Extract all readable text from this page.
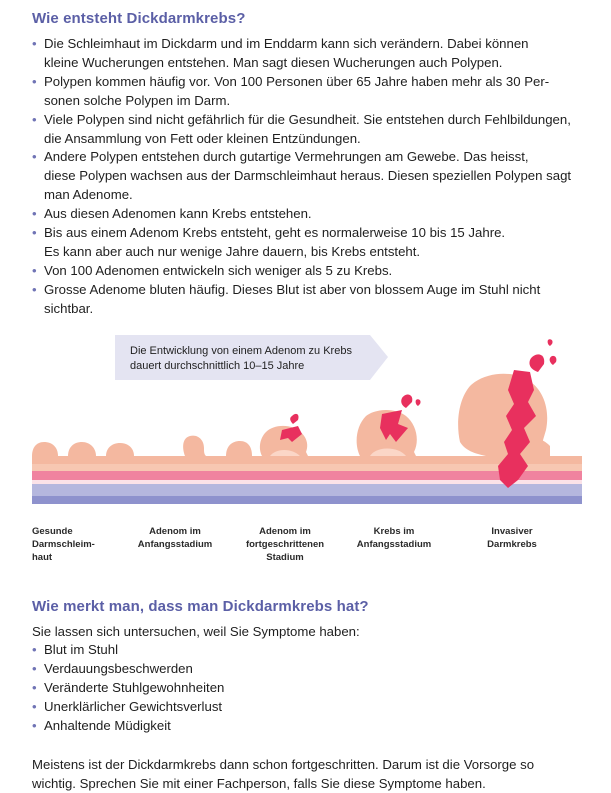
Wie entsteht Dickdarmkrebs?
• Die Schleimhaut im Dickdarm und im Enddarm kann sich verändern. Dabei können
kleine Wucherungen entstehen. Man sagt diesen Wucherungen auch Polypen.
• Polypen kommen häufig vor. Von 100 Personen über 65 Jahre haben mehr als 30 Per-
sonen solche Polypen im Darm.
• Viele Polypen sind nicht gefährlich für die Gesundheit. Sie entstehen durch Fehlbildungen,
die Ansammlung von Fett oder kleinen Entzündungen.
• Andere Polypen entstehen durch gutartige Vermehrungen am Gewebe. Das heisst,
diese Polypen wachsen aus der Darmschleimhaut heraus. Diesen speziellen Polypen sagt
man Adenome.
• Aus diesen Adenomen kann Krebs entstehen.
• Bis aus einem Adenom Krebs entsteht, geht es normalerweise 10 bis 15 Jahre.
Es kann aber auch nur wenige Jahre dauern, bis Krebs entsteht.
• Von 100 Adenomen entwickeln sich weniger als 5 zu Krebs.
• Grosse Adenome bluten häufig. Dieses Blut ist aber von blossem Auge im Stuhl nicht
sichtbar.
Die Entwicklung von einem Adenom zu Krebs
dauert durchschnittlich 10–15 Jahre
Gesunde
Darmschleim-
haut
Adenom im
Anfangsstadium
Adenom im
fortgeschrittenen
Stadium
Krebs im
Anfangsstadium
Invasiver
Darmkrebs
Wie merkt man, dass man Dickdarmkrebs hat?

Sie lassen sich untersuchen, weil Sie Symptome haben:

• Blut im Stuhl
• Verdauungsbeschwerden
• Veränderte Stuhlgewohnheiten
• Unerklärlicher Gewichtsverlust
• Anhaltende Müdigkeit

Meistens ist der Dickdarmkrebs dann schon fortgeschritten. Darum ist die Vorsorge so
wichtig. Sprechen Sie mit einer Fachperson, falls Sie diese Symptome haben.
